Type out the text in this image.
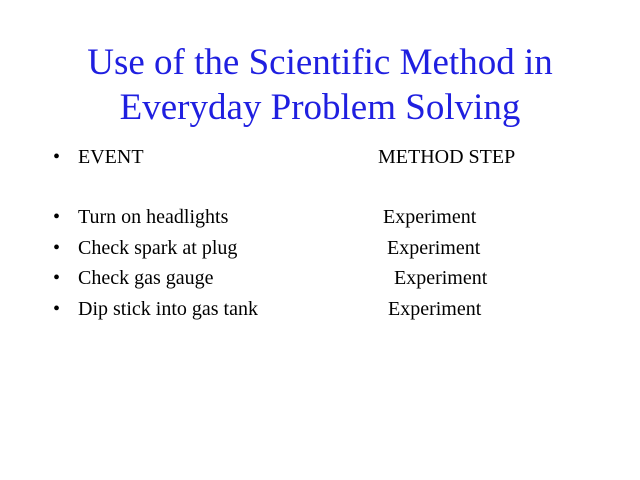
Use of the Scientific Method in
Everyday Problem Solving
• EVENT	METHOD STEP
• Turn on headlights	Experiment
• Check spark at plug	Experiment
• Check gas gauge	Experiment
• Dip stick into gas tank	Experiment
